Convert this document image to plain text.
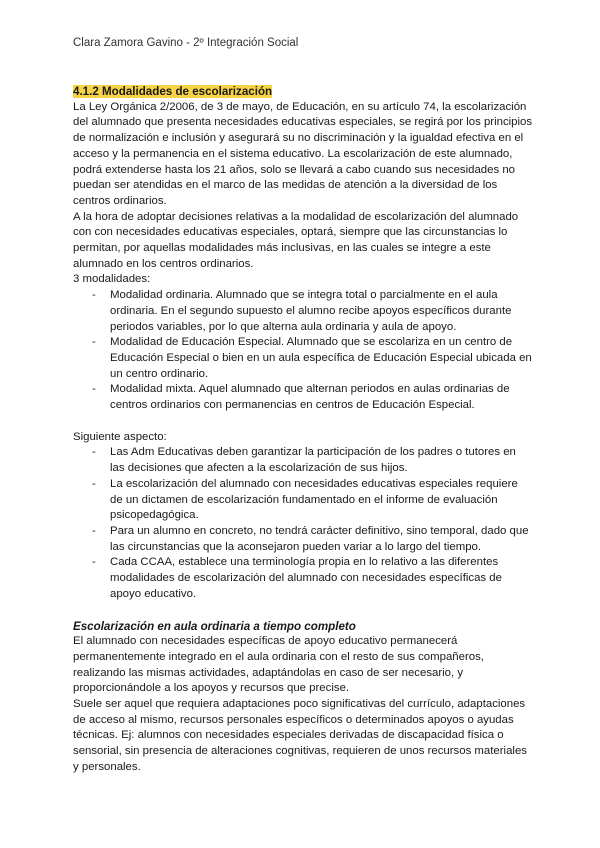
Clara Zamora Gavino - 2º Integración Social
4.1.2 Modalidades de escolarización

La Ley Orgánica 2/2006, de 3 de mayo, de Educación, en su artículo 74, la escolarización del alumnado que presenta necesidades educativas especiales, se regirá por los principios de normalización e inclusión y asegurará su no discriminación y la igualdad efectiva en el acceso y la permanencia en el sistema educativo. La escolarización de este alumnado, podrá extenderse hasta los 21 años, solo se llevará a cabo cuando sus necesidades no puedan ser atendidas en el marco de las medidas de atención a la diversidad de los centros ordinarios.

A la hora de adoptar decisiones relativas a la modalidad de escolarización del alumnado con con necesidades educativas especiales, optará, siempre que las circunstancias lo permitan, por aquellas modalidades más inclusivas, en las cuales se integre a este alumnado en los centros ordinarios.

3 modalidades:

- Modalidad ordinaria. Alumnado que se integra total o parcialmente en el aula ordinaria. En el segundo supuesto el alumno recibe apoyos específicos durante periodos variables, por lo que alterna aula ordinaria y aula de apoyo.
- Modalidad de Educación Especial. Alumnado que se escolariza en un centro de Educación Especial o bien en un aula específica de Educación Especial ubicada en un centro ordinario.
- Modalidad mixta. Aquel alumnado que alternan periodos en aulas ordinarias de centros ordinarios con permanencias en centros de Educación Especial.

Siguiente aspecto:

- Las Adm Educativas deben garantizar la participación de los padres o tutores en las decisiones que afecten a la escolarización de sus hijos.
- La escolarización del alumnado con necesidades educativas especiales requiere de un dictamen de escolarización fundamentado en el informe de evaluación psicopedagógica.
- Para un alumno en concreto, no tendrá carácter definitivo, sino temporal, dado que las circunstancias que la aconsejaron pueden variar a lo largo del tiempo.
- Cada CCAA, establece una terminología propia en lo relativo a las diferentes modalidades de escolarización del alumnado con necesidades específicas de apoyo educativo.
Escolarización en aula ordinaria a tiempo completo

El alumnado con necesidades específicas de apoyo educativo permanecerá permanentemente integrado en el aula ordinaria con el resto de sus compañeros, realizando las mismas actividades, adaptándolas en caso de ser necesario, y proporcionándole a los apoyos y recursos que precise.

Suele ser aquel que requiera adaptaciones poco significativas del currículo, adaptaciones de acceso al mismo, recursos personales específicos o determinados apoyos o ayudas técnicas. Ej: alumnos con necesidades especiales derivadas de discapacidad física o sensorial, sin presencia de alteraciones cognitivas, requieren de unos recursos materiales y personales.
